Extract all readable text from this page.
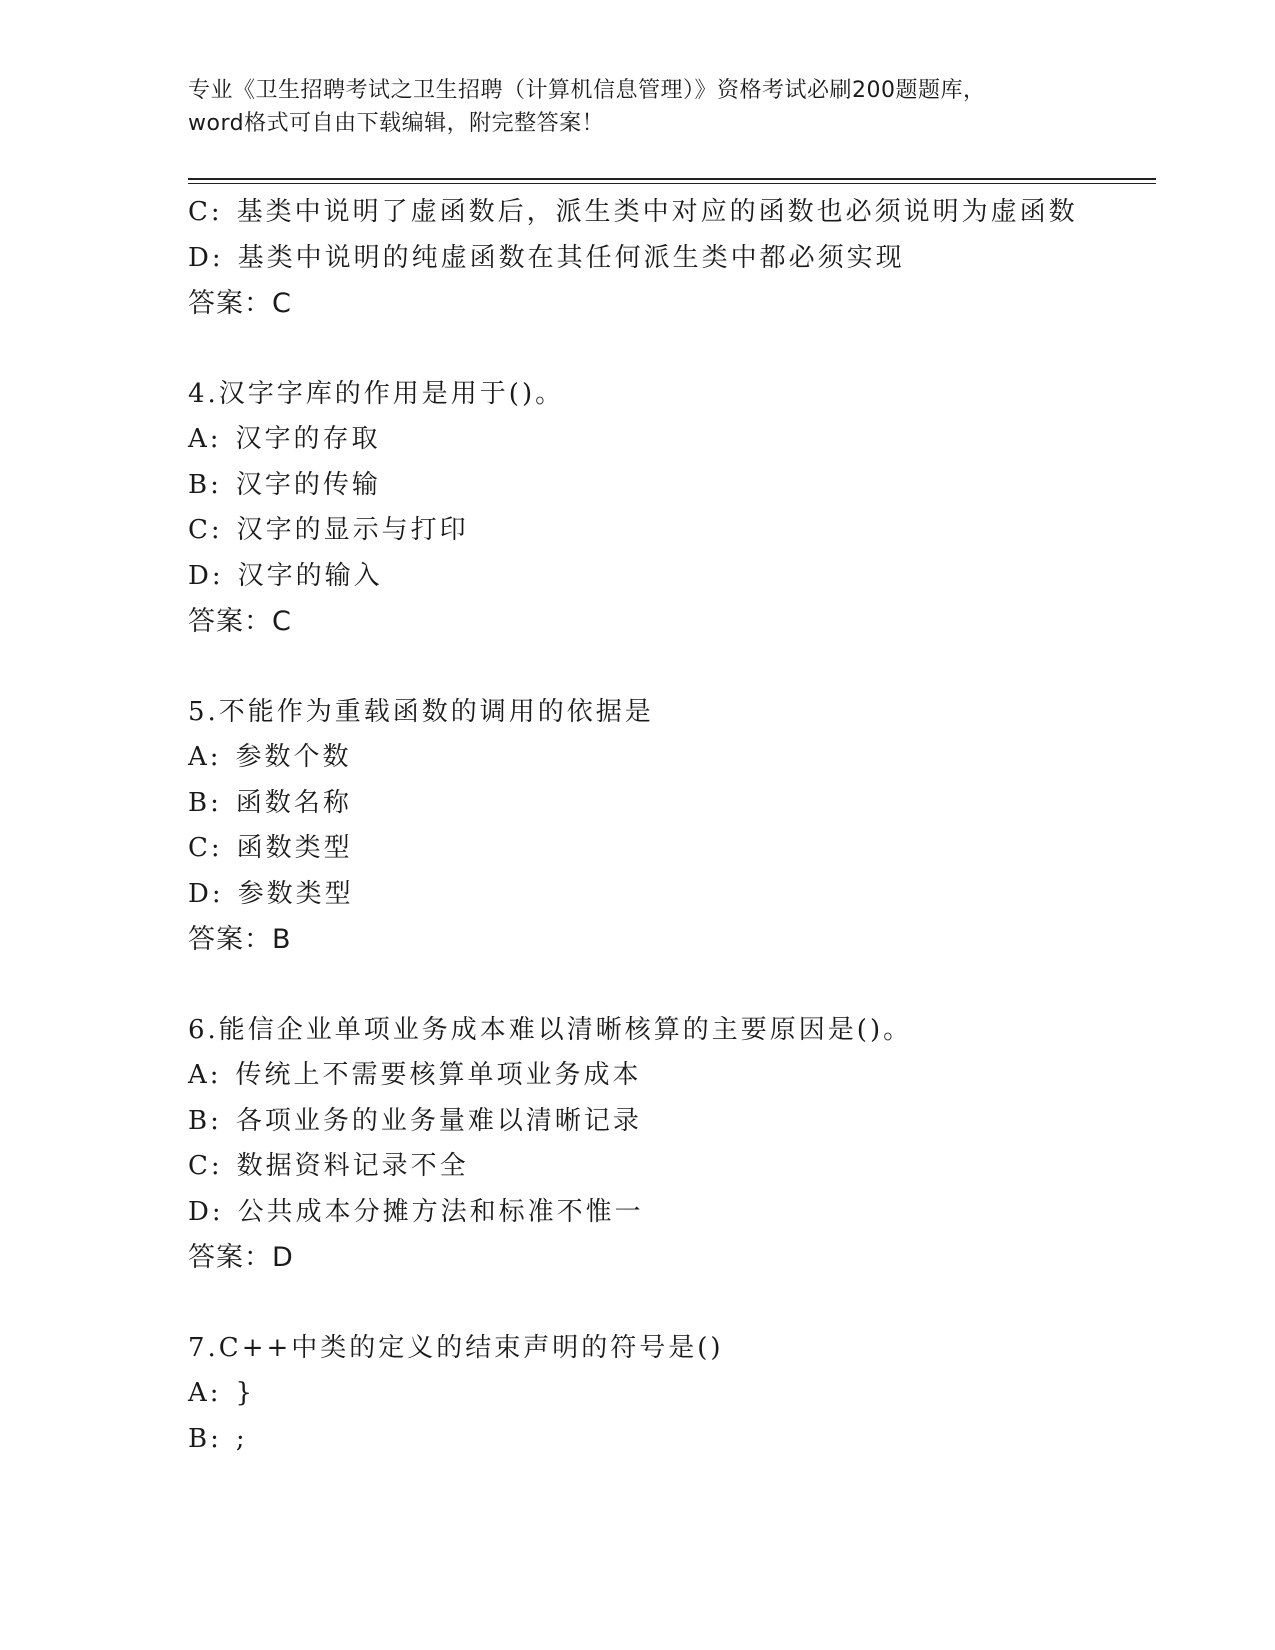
专业《卫生招聘考试之卫生招聘（计算机信息管理）》资格考试必刷200题题库，
word格式可自由下载编辑，附完整答案！
C: 基类中说明了虚函数后，派生类中对应的函数也必须说明为虚函数
D: 基类中说明的纯虚函数在其任何派生类中都必须实现
答案：C
4.汉字字库的作用是用于()。
A: 汉字的存取
B: 汉字的传输
C: 汉字的显示与打印
D: 汉字的输入
答案：C
5.不能作为重载函数的调用的依据是
A: 参数个数
B: 函数名称
C: 函数类型
D: 参数类型
答案：B
6.能信企业单项业务成本难以清晰核算的主要原因是()。
A: 传统上不需要核算单项业务成本
B: 各项业务的业务量难以清晰记录
C: 数据资料记录不全
D: 公共成本分摊方法和标准不惟一
答案：D
7.C++中类的定义的结束声明的符号是()
A: }
B: ;
